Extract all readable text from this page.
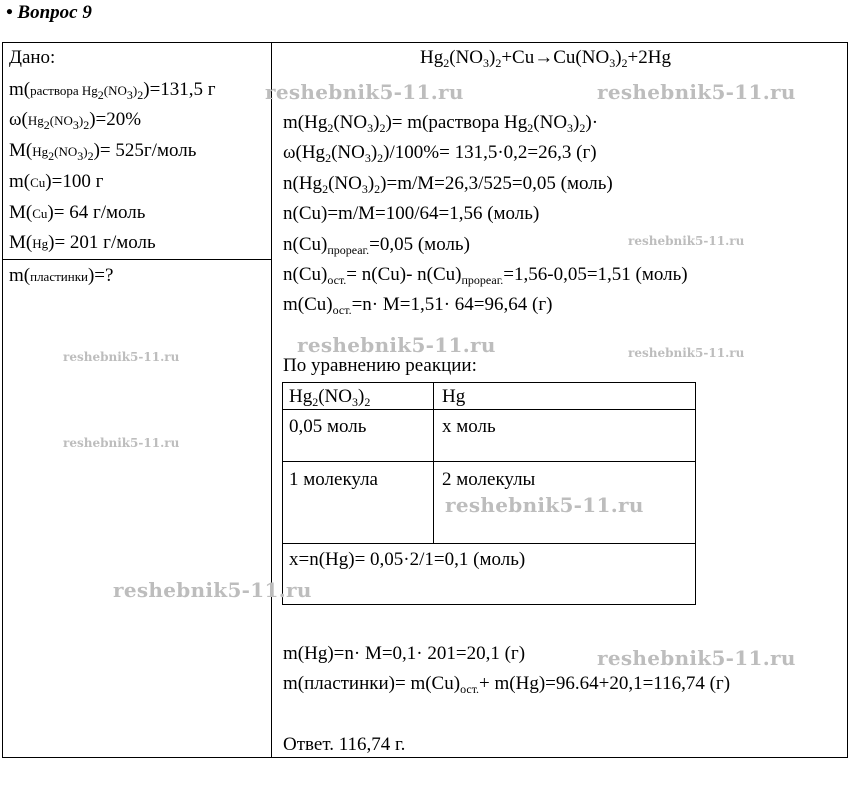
• Вопрос 9
Дано:
m(раствора $Hg_2(NO_3)_2)=131,5$ г
$\omega(Hg_2(NO_3)_2)=20\%$
$M(Hg_2(NO_3)_2)=$ 525г/моль
m(Cu)=100 г
M(Cu)= 64 г/моль
M(Hg)= 201 г/моль
m(пластинки)=?
$Hg_2(NO_3)_2+Cu\to Cu(NO_3)_2+2Hg$
$m(Hg_2(NO_3)_2)=$ m(раствора $Hg_2(NO_3)_2)\cdot$
$\omega(Hg_2(NO_3)_2)/100\%= 131,5\cdot 0,2=26,3$ (г)
$n(Hg_2(NO_3)_2)=m/M=26,3/525=0,05$ (моль)
n(Cu)=m/M=100/64=1,56 (моль)
$n(Cu)_{прореаг.}=0,05$ (моль)
$n(Cu)_{ост.}= n(Cu)-$ $n(Cu)_{прореаг.}=1,56-0,05=1,51$ (моль)
$m(Cu)_{ост.}=n\cdot M=1,51\cdot 64=96,64$ (г)
По уравнению реакции:
$Hg_2(NO_3)_2$	Hg
0,05 моль	x моль
1 молекула	2 молекулы
x=n(Hg)= 0,05·2/1=0,1 (моль)
m(Hg)=n· M=0,1· 201=20,1 (г)
m(пластинки)= $m(Cu)_{ост.}+ m(Hg)=96.64+20,1=116,74$ (г)
Ответ. 116,74 г.
reshebnik5-11.ru	reshebnik5-11.ru
reshebnik5-11.ru
reshebnik5-11.ru	reshebnik5-11.ru
reshebnik5-11.ru
reshebnik5-11.ru
reshebnik5-11.ru
reshebnik5-11.ru
reshebnik5-11.ru
